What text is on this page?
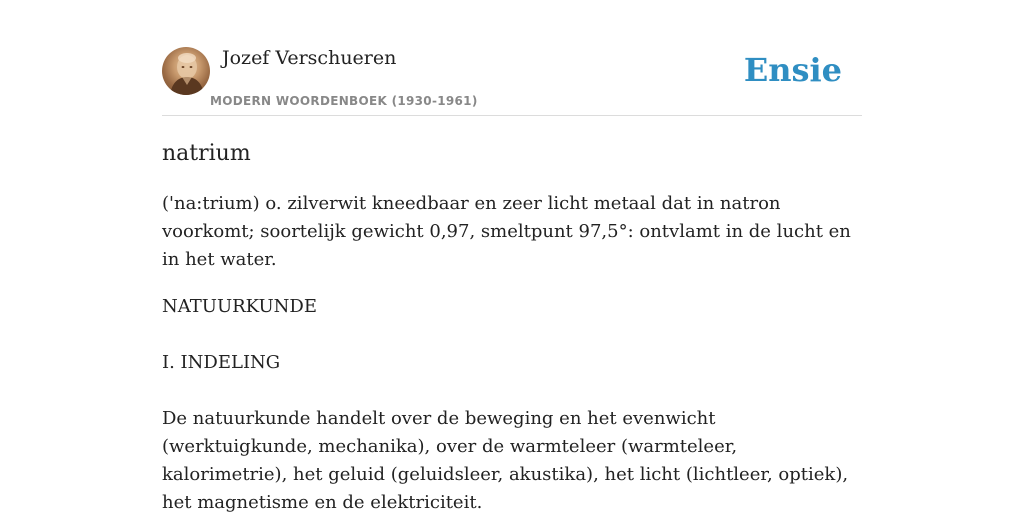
Jozef Verschueren
MODERN WOORDENBOEK (1930-1961)
Ensie
natrium

('na:trium) o. zilverwit kneedbaar en zeer licht metaal dat in natron voorkomt; soortelijk gewicht 0,97, smeltpunt 97,5°: ontvlamt in de lucht en in het water.

NATUURKUNDE

I. INDELING

De natuurkunde handelt over de beweging en het evenwicht (werktuigkunde, mechanika), over de warmteleer (warmteleer, kalorimetrie), het geluid (geluidsleer, akustika), het licht (lichtleer, optiek), het magnetisme en de elektriciteit.
